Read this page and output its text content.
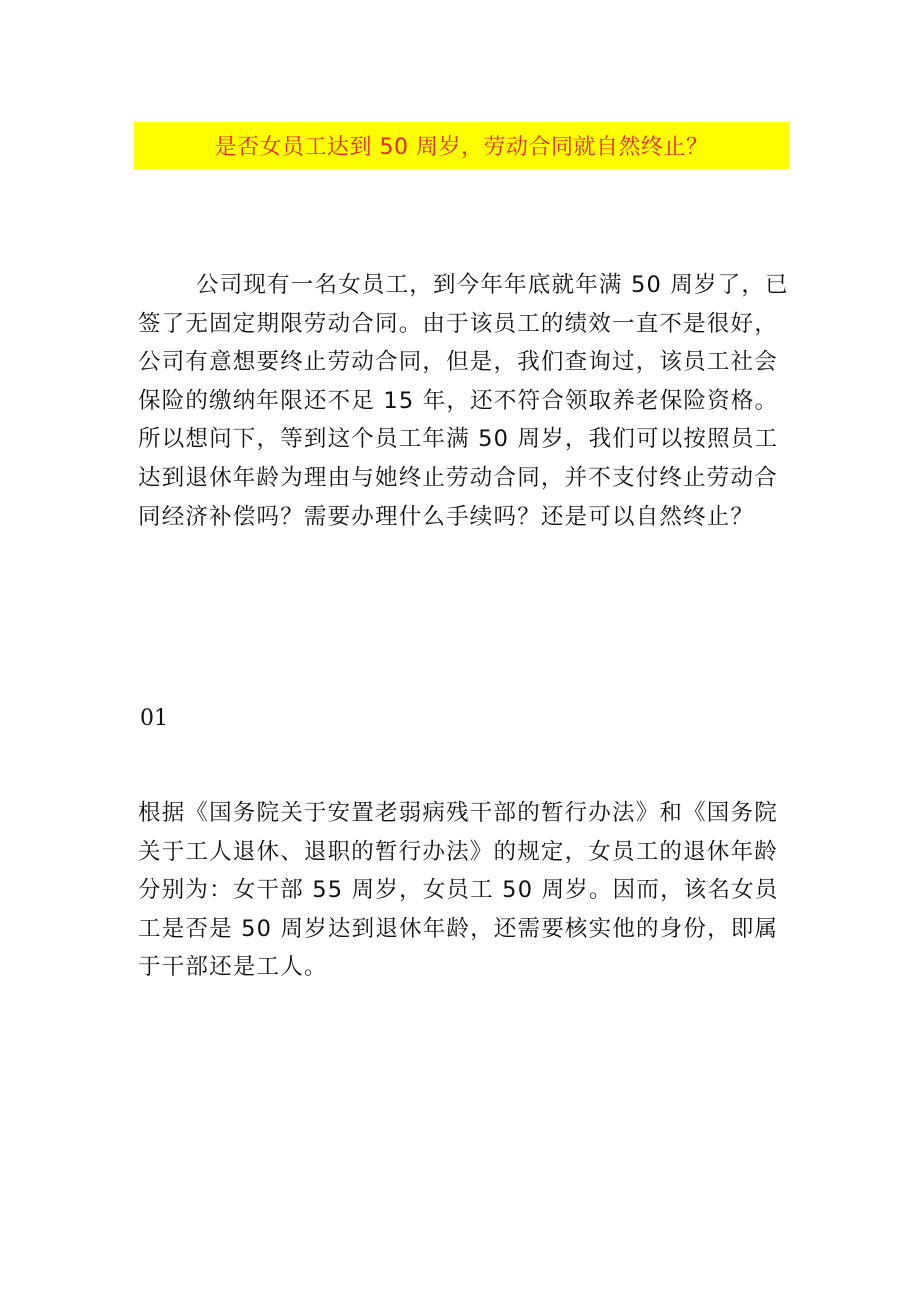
是否女员工达到 50 周岁，劳动合同就自然终止？

公司现有一名女员工，到今年年底就年满 50 周岁了，已签了无固定期限劳动合同。由于该员工的绩效一直不是很好，公司有意想要终止劳动合同，但是，我们查询过，该员工社会保险的缴纳年限还不足 15 年，还不符合领取养老保险资格。所以想问下，等到这个员工年满 50 周岁，我们可以按照员工达到退休年龄为理由与她终止劳动合同，并不支付终止劳动合同经济补偿吗？需要办理什么手续吗？还是可以自然终止？

01

根据《国务院关于安置老弱病残干部的暂行办法》和《国务院关于工人退休、退职的暂行办法》的规定，女员工的退休年龄分别为：女干部 55 周岁，女员工 50 周岁。因而，该名女员工是否是 50 周岁达到退休年龄，还需要核实他的身份，即属于干部还是工人。
